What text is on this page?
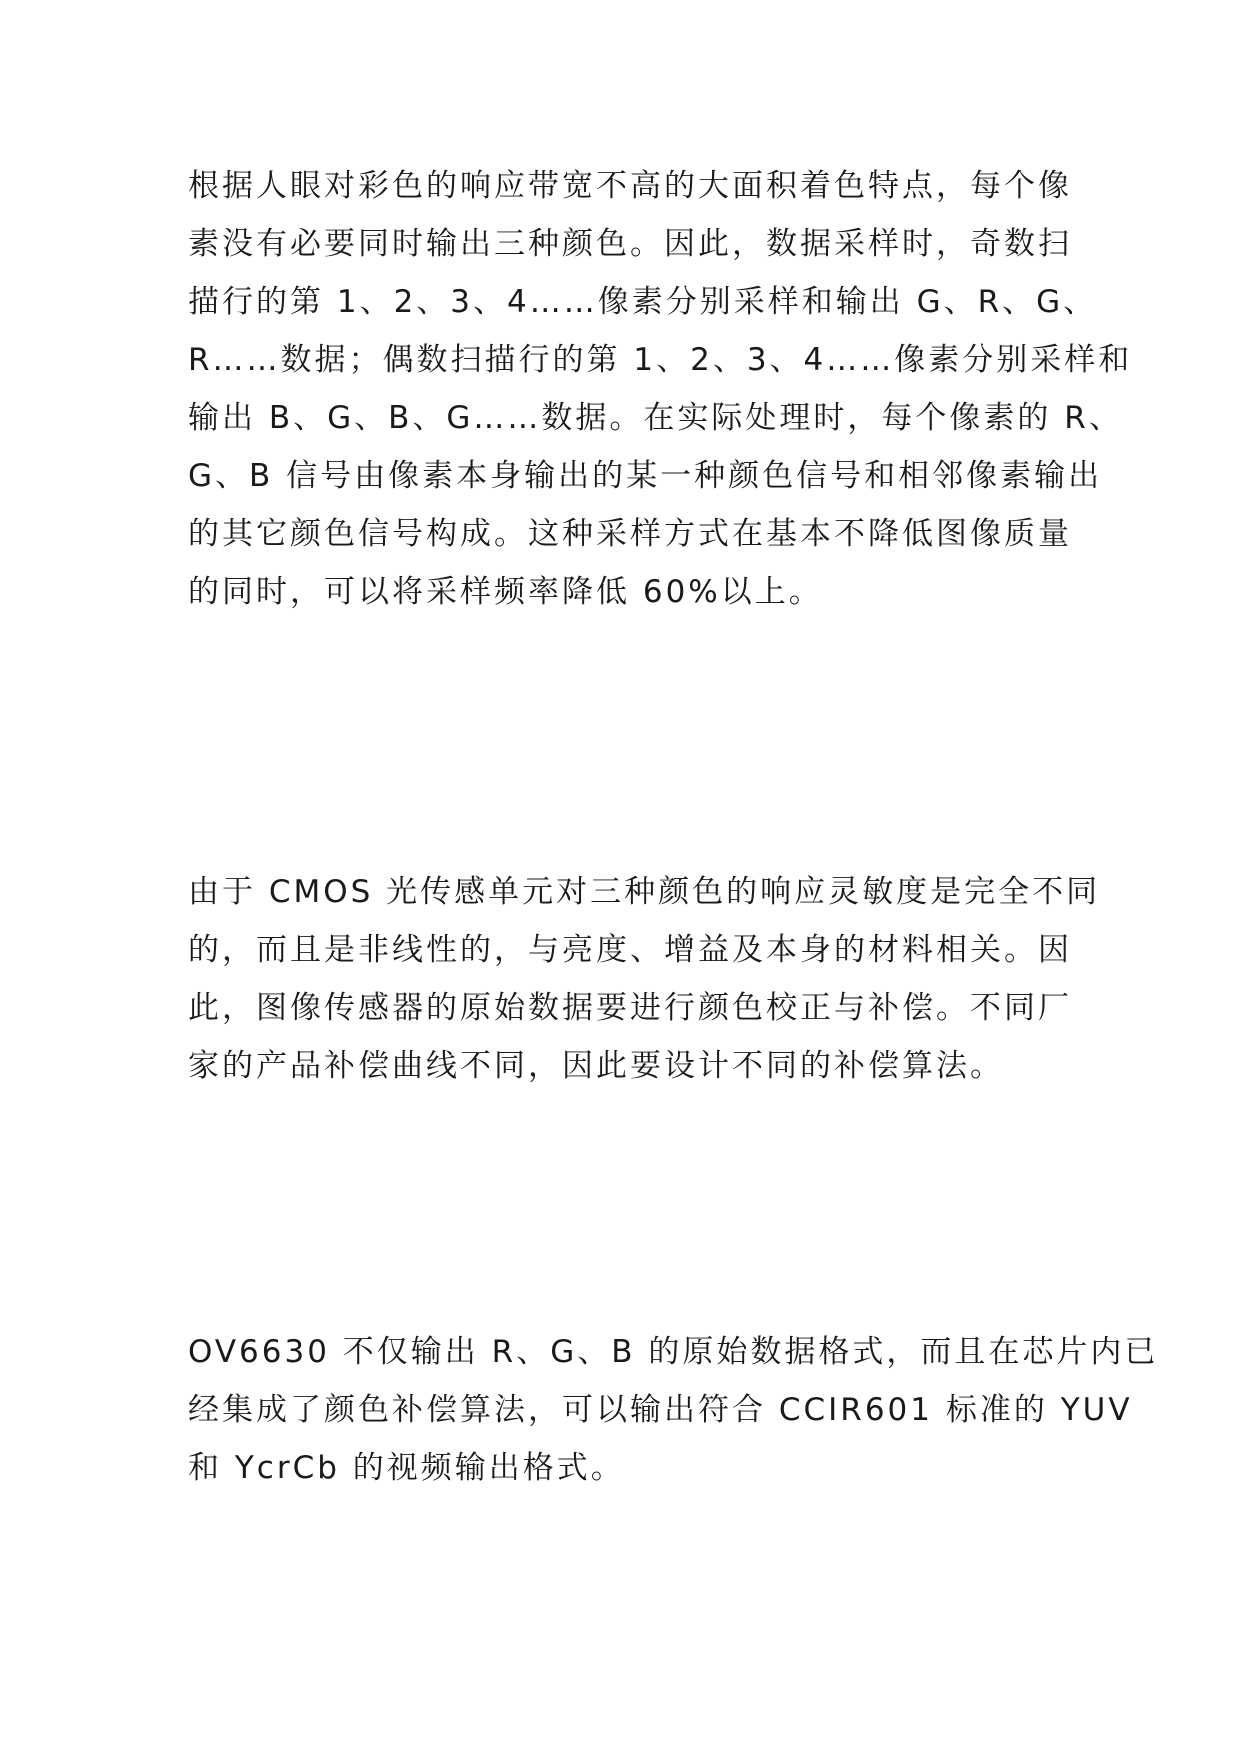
根据人眼对彩色的响应带宽不高的大面积着色特点，每个像
素没有必要同时输出三种颜色。因此，数据采样时，奇数扫
描行的第 1、2、3、4……像素分别采样和输出 G、R、G、
R……数据；偶数扫描行的第 1、2、3、4……像素分别采样和
输出 B、G、B、G……数据。在实际处理时，每个像素的 R、
G、B 信号由像素本身输出的某一种颜色信号和相邻像素输出
的其它颜色信号构成。这种采样方式在基本不降低图像质量
的同时，可以将采样频率降低 60%以上。
由于 CMOS 光传感单元对三种颜色的响应灵敏度是完全不同
的，而且是非线性的，与亮度、增益及本身的材料相关。因
此，图像传感器的原始数据要进行颜色校正与补偿。不同厂
家的产品补偿曲线不同，因此要设计不同的补偿算法。
OV6630 不仅输出 R、G、B 的原始数据格式，而且在芯片内已
经集成了颜色补偿算法，可以输出符合 CCIR601 标准的 YUV
和 YcrCb 的视频输出格式。
